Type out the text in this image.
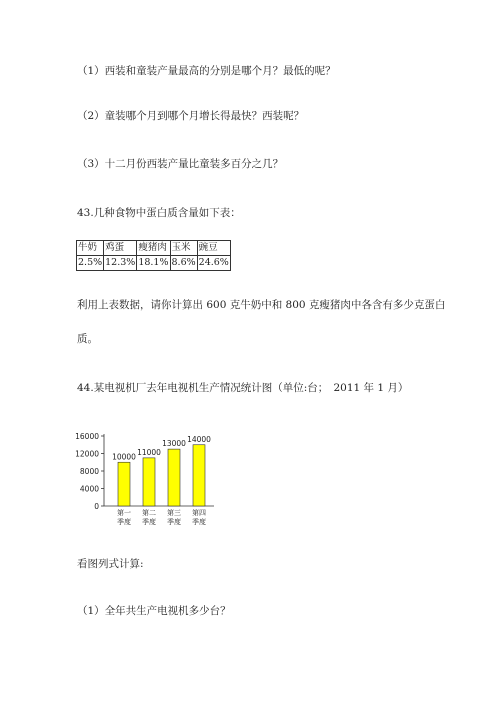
（1）西装和童装产量最高的分别是哪个月？最低的呢？
（2）童装哪个月到哪个月增长得最快？西装呢？
（3）十二月份西装产量比童装多百分之几？
43.几种食物中蛋白质含量如下表：
牛奶	鸡蛋	瘦猪肉	玉米	豌豆
2.5%	12.3%	18.1%	8.6%	24.6%
利用上表数据，请你计算出 600 克牛奶中和 800 克瘦猪肉中各含有多少克蛋白
质。
44.某电视机厂去年电视机生产情况统计图（单位:台；　2011 年 1 月）
0
4000
8000
12000
16000
10000
第一
季度
11000
第二
季度
13000
第三
季度
14000
第四
季度
看图列式计算:
（1）全年共生产电视机多少台？
